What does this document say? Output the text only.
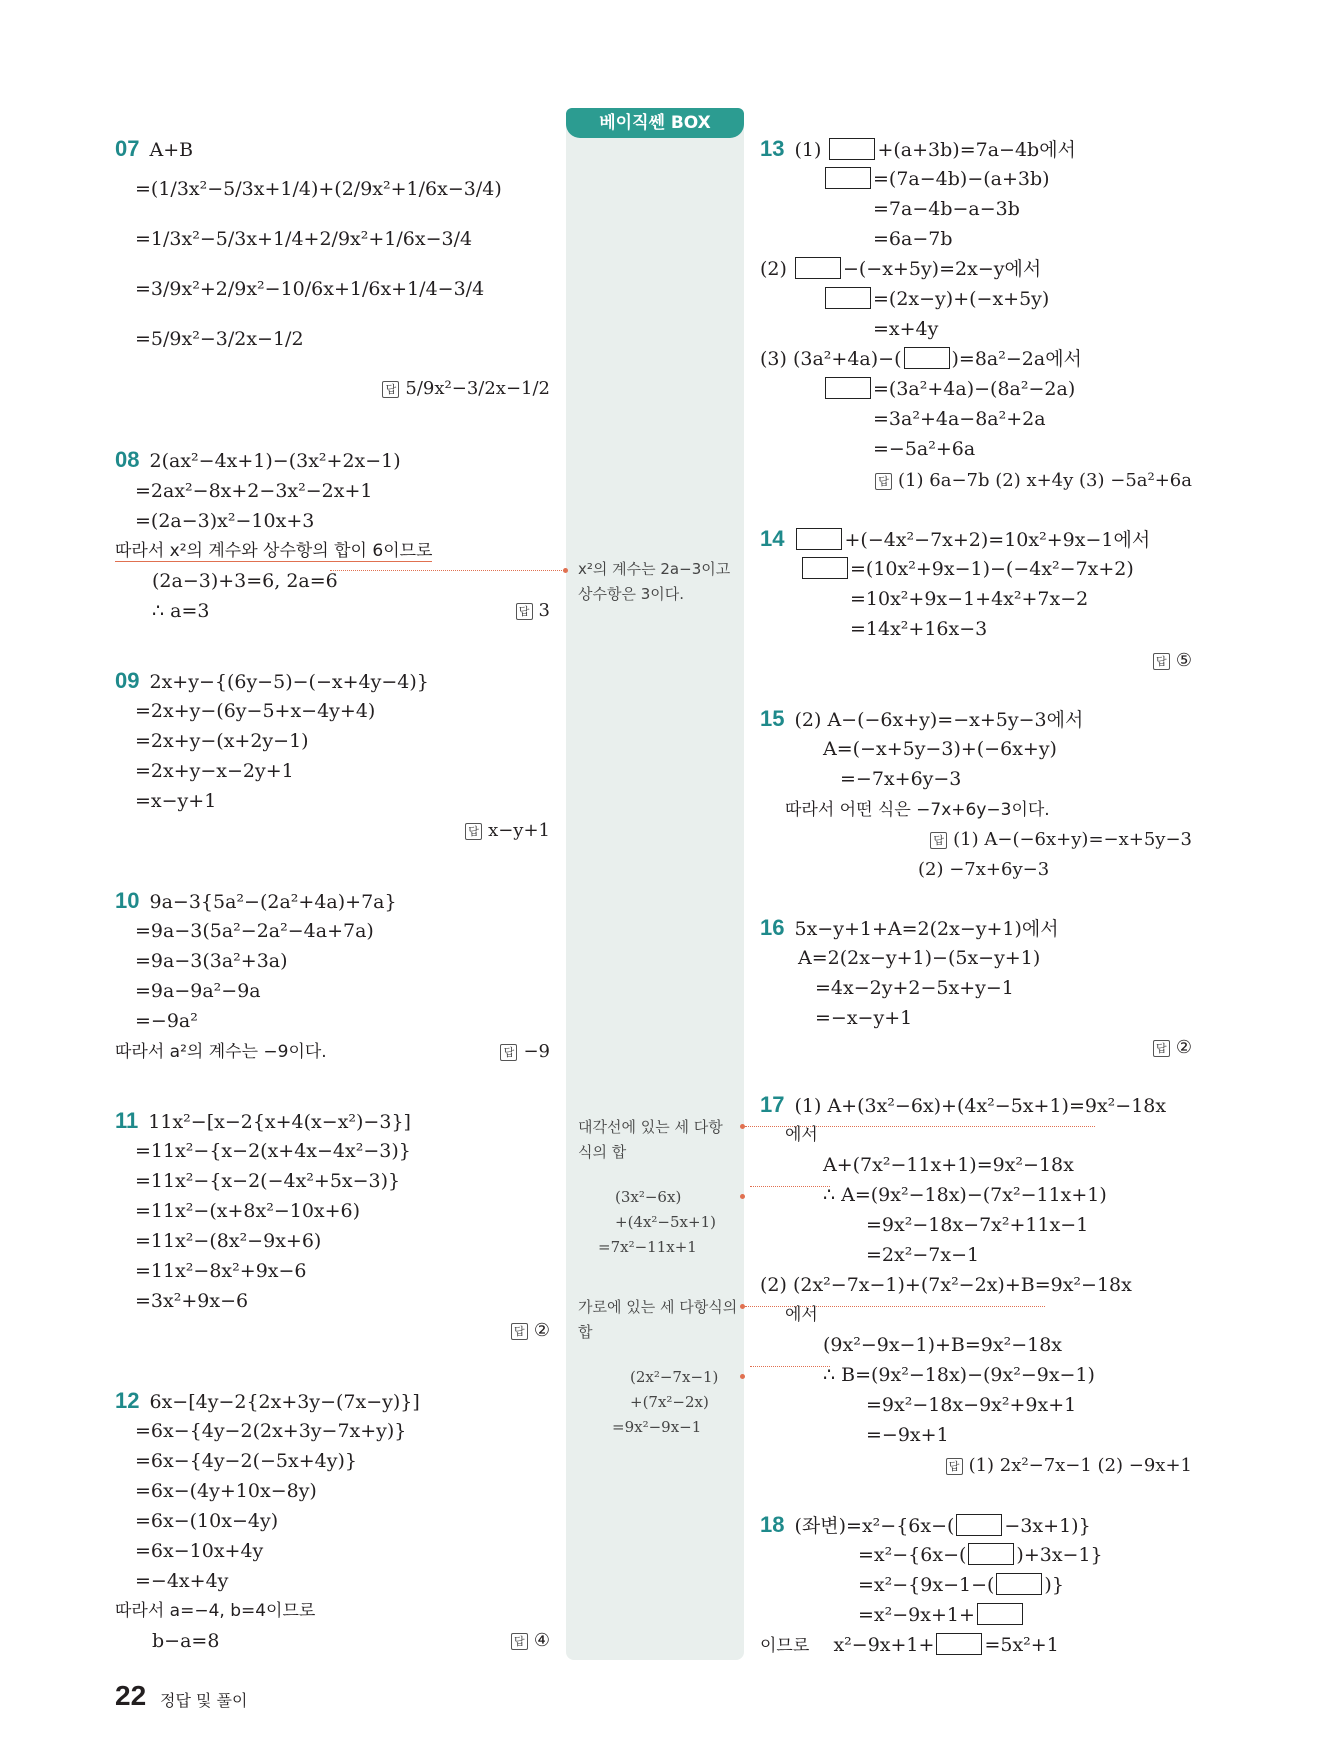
베이직쎈 BOX
07 A+B
=(1/3x²−5/3x+1/4)+(2/9x²+1/6x−3/4)
=1/3x²−5/3x+1/4+2/9x²+1/6x−3/4
=3/9x²+2/9x²−10/6x+1/6x+1/4−3/4
=5/9x²−3/2x−1/2
답 5/9x²−3/2x−1/2
08 2(ax²−4x+1)−(3x²+2x−1)
=2ax²−8x+2−3x²−2x+1
=(2a−3)x²−10x+3
따라서 x²의 계수와 상수항의 합이 6이므로
(2a−3)+3=6, 2a=6
∴ a=3	답 3
09 2x+y−{(6y−5)−(−x+4y−4)}
=2x+y−(6y−5+x−4y+4)
=2x+y−(x+2y−1)
=2x+y−x−2y+1
=x−y+1
답 x−y+1
10 9a−3{5a²−(2a²+4a)+7a}
=9a−3(5a²−2a²−4a+7a)
=9a−3(3a²+3a)
=9a−9a²−9a
=−9a²
따라서 a²의 계수는 −9이다.	답 −9
11 11x²−[x−2{x+4(x−x²)−3}]
=11x²−{x−2(x+4x−4x²−3)}
=11x²−{x−2(−4x²+5x−3)}
=11x²−(x+8x²−10x+6)
=11x²−(8x²−9x+6)
=11x²−8x²+9x−6
=3x²+9x−6
답 ②
12 6x−[4y−2{2x+3y−(7x−y)}]
=6x−{4y−2(2x+3y−7x+y)}
=6x−{4y−2(−5x+4y)}
=6x−(4y+10x−8y)
=6x−(10x−4y)
=6x−10x+4y
=−4x+4y
따라서 a=−4, b=4이므로
b−a=8	답 ④
x²의 계수는 2a−3이고
상수항은 3이다.
대각선에 있는 세 다항
식의 합
(3x²−6x)
+(4x²−5x+1)
=7x²−11x+1
가로에 있는 세 다항식의
합
(2x²−7x−1)
+(7x²−2x)
=9x²−9x−1
13 (1)	+(a+3b)=7a−4b에서
=(7a−4b)−(a+3b)
=7a−4b−a−3b
=6a−7b
(2)	−(−x+5y)=2x−y에서
=(2x−y)+(−x+5y)
=x+4y
(3) (3a²+4a)−(	)=8a²−2a에서
=(3a²+4a)−(8a²−2a)
=3a²+4a−8a²+2a
=−5a²+6a
답 (1) 6a−7b (2) x+4y (3) −5a²+6a
14	+(−4x²−7x+2)=10x²+9x−1에서
=(10x²+9x−1)−(−4x²−7x+2)
=10x²+9x−1+4x²+7x−2
=14x²+16x−3
답 ⑤
15 (2) A−(−6x+y)=−x+5y−3에서
A=(−x+5y−3)+(−6x+y)
=−7x+6y−3
따라서 어떤 식은 −7x+6y−3이다.
답 (1) A−(−6x+y)=−x+5y−3
(2) −7x+6y−3
16 5x−y+1+A=2(2x−y+1)에서
A=2(2x−y+1)−(5x−y+1)
=4x−2y+2−5x+y−1
=−x−y+1
답 ②
17 (1) A+(3x²−6x)+(4x²−5x+1)=9x²−18x
에서
A+(7x²−11x+1)=9x²−18x
∴ A=(9x²−18x)−(7x²−11x+1)
=9x²−18x−7x²+11x−1
=2x²−7x−1
(2) (2x²−7x−1)+(7x²−2x)+B=9x²−18x
에서
(9x²−9x−1)+B=9x²−18x
∴ B=(9x²−18x)−(9x²−9x−1)
=9x²−18x−9x²+9x+1
=−9x+1
답 (1) 2x²−7x−1 (2) −9x+1
18 (좌변)=x²−{6x−(	−3x+1)}
=x²−{6x−(	)+3x−1}
=x²−{9x−1−(	)}
=x²−9x+1+
이므로 x²−9x+1+	=5x²+1
22 정답 및 풀이
